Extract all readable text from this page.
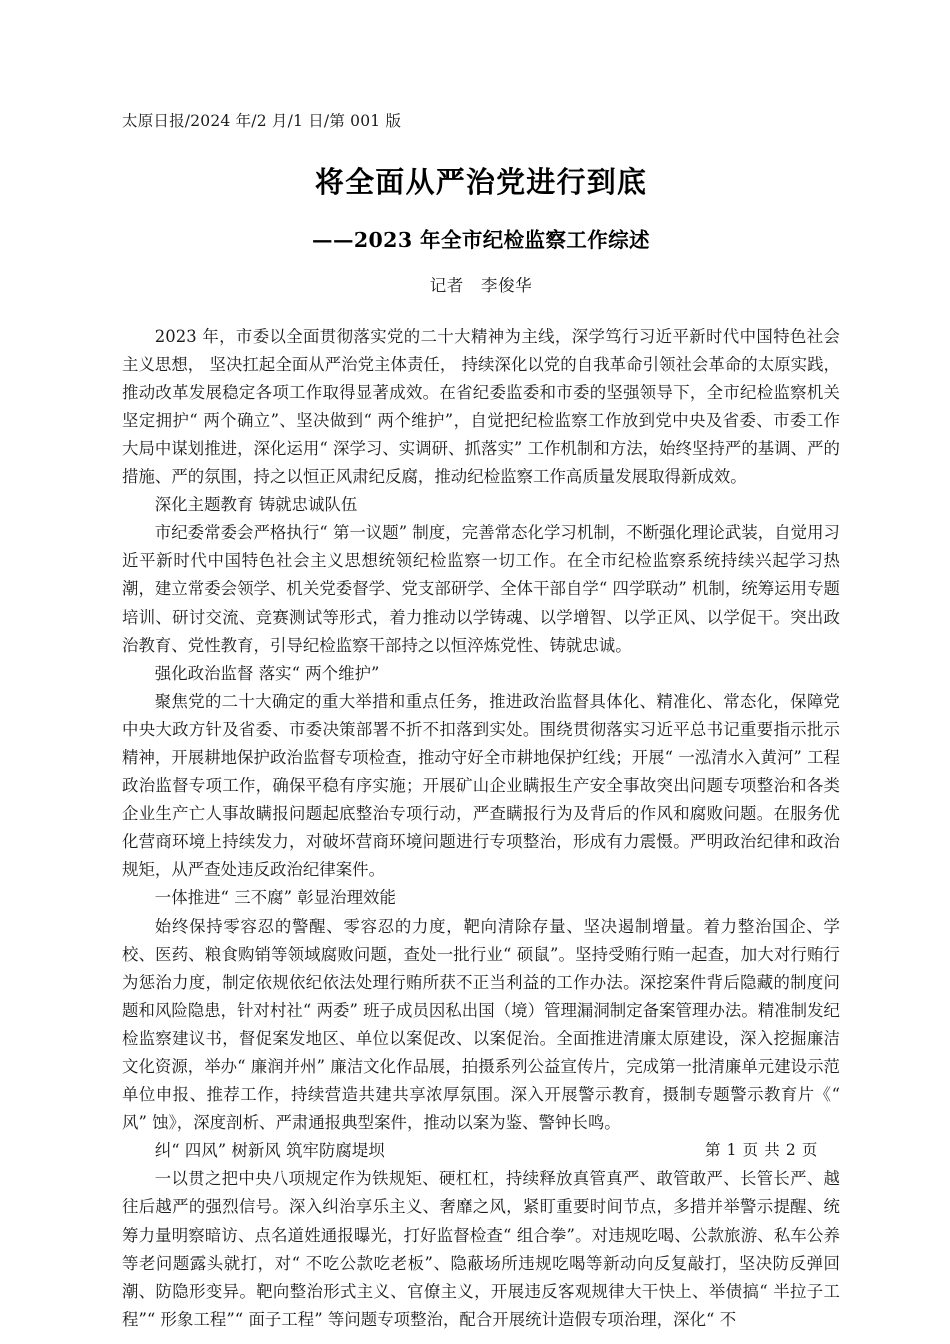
太原日报/2024 年/2 月/1 日/第 001 版
将全面从严治党进行到底
——2023 年全市纪检监察工作综述
记者　李俊华

2023 年，市委以全面贯彻落实党的二十大精神为主线，深学笃行习近平新时代中国特色社会主义思想， 坚决扛起全面从严治党主体责任， 持续深化以党的自我革命引领社会革命的太原实践，推动改革发展稳定各项工作取得显著成效。在省纪委监委和市委的坚强领导下，全市纪检监察机关坚定拥护“ 两个确立”、坚决做到“ 两个维护”，自觉把纪检监察工作放到党中央及省委、市委工作大局中谋划推进，深化运用“ 深学习、实调研、抓落实” 工作机制和方法，始终坚持严的基调、严的措施、严的氛围，持之以恒正风肃纪反腐，推动纪检监察工作高质量发展取得新成效。

深化主题教育 铸就忠诚队伍

市纪委常委会严格执行“ 第一议题” 制度，完善常态化学习机制，不断强化理论武装，自觉用习近平新时代中国特色社会主义思想统领纪检监察一切工作。在全市纪检监察系统持续兴起学习热潮，建立常委会领学、机关党委督学、党支部研学、全体干部自学“ 四学联动” 机制，统筹运用专题培训、研讨交流、竞赛测试等形式，着力推动以学铸魂、以学增智、以学正风、以学促干。突出政治教育、党性教育，引导纪检监察干部持之以恒淬炼党性、铸就忠诚。

强化政治监督 落实“ 两个维护”

聚焦党的二十大确定的重大举措和重点任务，推进政治监督具体化、精准化、常态化，保障党中央大政方针及省委、市委决策部署不折不扣落到实处。围绕贯彻落实习近平总书记重要指示批示精神，开展耕地保护政治监督专项检查，推动守好全市耕地保护红线；开展“ 一泓清水入黄河” 工程政治监督专项工作，确保平稳有序实施；开展矿山企业瞒报生产安全事故突出问题专项整治和各类企业生产亡人事故瞒报问题起底整治专项行动，严查瞒报行为及背后的作风和腐败问题。在服务优化营商环境上持续发力，对破坏营商环境问题进行专项整治，形成有力震慑。严明政治纪律和政治规矩，从严查处违反政治纪律案件。

一体推进“ 三不腐” 彰显治理效能

始终保持零容忍的警醒、零容忍的力度，靶向清除存量、坚决遏制增量。着力整治国企、学校、医药、粮食购销等领域腐败问题，查处一批行业“ 硕鼠”。坚持受贿行贿一起查，加大对行贿行为惩治力度，制定依规依纪依法处理行贿所获不正当利益的工作办法。深挖案件背后隐藏的制度问题和风险隐患，针对村社“ 两委” 班子成员因私出国（境）管理漏洞制定备案管理办法。精准制发纪检监察建议书，督促案发地区、单位以案促改、以案促治。全面推进清廉太原建设，深入挖掘廉洁文化资源，举办“ 廉润并州” 廉洁文化作品展，拍摄系列公益宣传片，完成第一批清廉单元建设示范单位申报、推荐工作，持续营造共建共享浓厚氛围。深入开展警示教育，摄制专题警示教育片《“ 风” 蚀》，深度剖析、严肃通报典型案件，推动以案为鉴、警钟长鸣。

纠“ 四风” 树新风 筑牢防腐堤坝

一以贯之把中央八项规定作为铁规矩、硬杠杠，持续释放真管真严、敢管敢严、长管长严、越往后越严的强烈信号。深入纠治享乐主义、奢靡之风，紧盯重要时间节点，多措并举警示提醒、统筹力量明察暗访、点名道姓通报曝光，打好监督检查“ 组合拳”。对违规吃喝、公款旅游、私车公养等老问题露头就打，对“ 不吃公款吃老板”、隐蔽场所违规吃喝等新动向反复敲打，坚决防反弹回潮、防隐形变异。靶向整治形式主义、官僚主义，开展违反客观规律大干快上、举债搞“ 半拉子工程”“ 形象工程”“ 面子工程” 等问题专项整治，配合开展统计造假专项治理，深化“ 不

第 1 页 共 2 页
